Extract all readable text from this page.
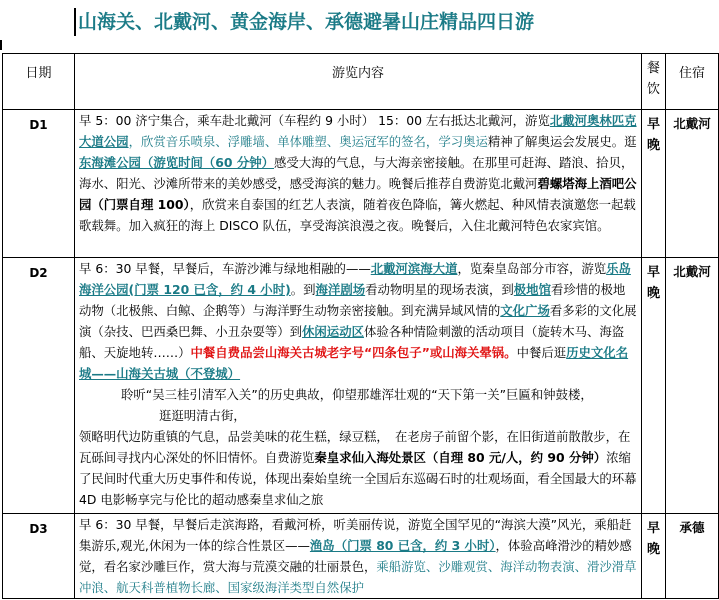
山海关、北戴河、黄金海岸、承德避暑山庄精品四日游
日期	游览内容	餐饮	住宿
D1	早 5：00 济宁集合，乘车赴北戴河（车程约 9 小时） 15：00 左右抵达北戴河，游览北戴河奥林匹克大道公园，欣赏音乐喷泉、浮雕墙、单体雕塑、奥运冠军的签名，学习奥运精神了解奥运会发展史。逛东海滩公园（游览时间（60 分钟）感受大海的气息，与大海亲密接触。在那里可赶海、踏浪、拾贝，海水、阳光、沙滩所带来的美妙感受，感受海滨的魅力。晚餐后推荐自费游览北戴河碧螺塔海上酒吧公园（门票自理 100），欣赏来自泰国的红艺人表演，随着夜色降临，篝火燃起、种风情表演邀您一起载歌载舞。加入疯狂的海上 DISCO 队伍，享受海滨浪漫之夜。晚餐后，入住北戴河特色农家宾馆。	早晚	北戴河
D2	早 6：30 早餐，早餐后，车游沙滩与绿地相融的——北戴河滨海大道，览秦皇岛部分市容，游览乐岛海洋公园(门票 120 已含，约 4 小时)。到海洋剧场看动物明星的现场表演，到极地馆看珍惜的极地动物（北极熊、白鲸、企鹅等）与海洋野生动物亲密接触。到充满异域风情的文化广场看多彩的文化展演（杂技、巴西桑巴舞、小丑杂耍等）到休闲运动区体验各种情险刺激的活动项目（旋转木马、海盗船、天旋地转……）中餐自费品尝山海关古城老字号“四条包子”或山海关晕锅。中餐后逛历史文化名城——山海关古城（不登城）
聆听“吴三桂引清军入关”的历史典故，仰望那雄浑壮观的“天下第一关”巨匾和钟鼓楼，
逛逛明清古街，
领略明代边防重镇的气息，品尝美味的花生糕，绿豆糕，　在老房子前留个影，在旧街道前散散步，在瓦砾间寻找内心深处的怀旧情怀。自费游览秦皇求仙入海处景区（自理 80 元/人，约 90 分钟）浓缩了民间时代重大历史事件和传说，体现出秦始皇统一全国后东巡碣石时的壮观场面，看全国最大的环幕 4D 电影畅享完与伦比的超动感秦皇求仙之旅	早晚	北戴河
D3	早 6：30 早餐，早餐后走滨海路，看戴河桥，听美丽传说，游览全国罕见的“海滨大漠”风光，乘船赶集游乐,观光,休闲为一体的综合性景区——渔岛（门票 80 已含，约 3 小时），体验高峰滑沙的精妙感觉，看名家沙雕巨作，赏大海与荒漠交融的壮丽景色，乘船游览、沙雕观赏、海洋动物表演、滑沙滑草冲浪、航天科普植物长廊、国家级海洋类型自然保护	早晚	承德
